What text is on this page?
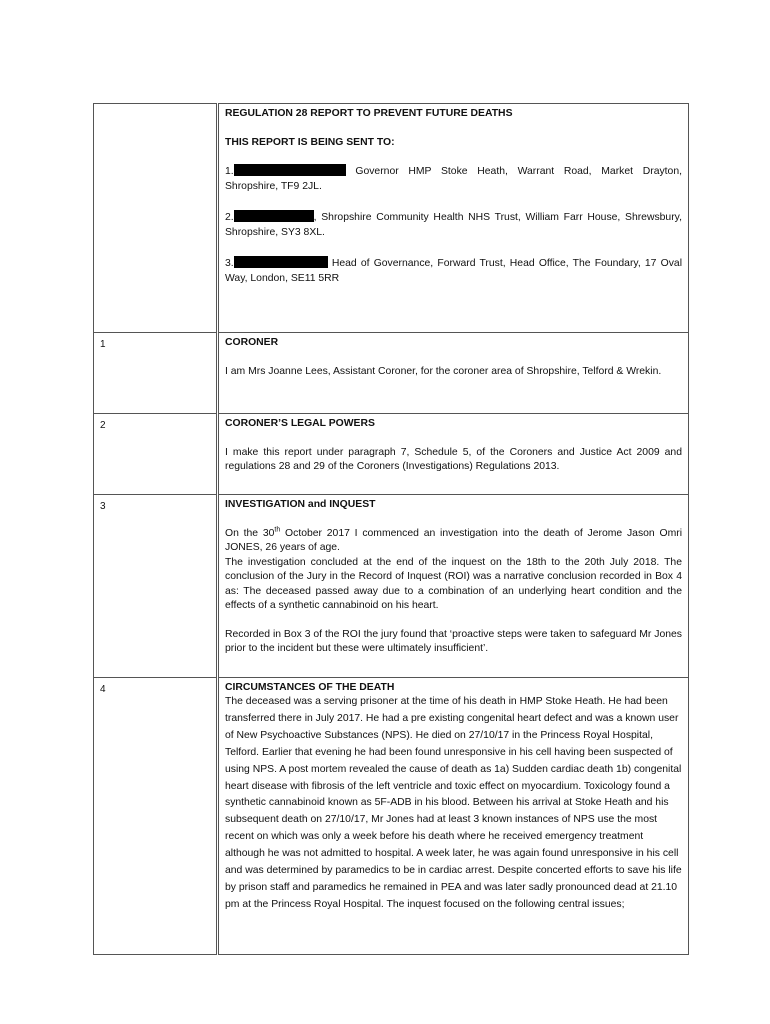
	REGULATION 28 REPORT TO PREVENT FUTURE DEATHS

THIS REPORT IS BEING SENT TO:

1. Governor HMP Stoke Heath, Warrant Road, Market Drayton, Shropshire, TF9 2JL.

2. , Shropshire Community Health NHS Trust, William Farr House, Shrewsbury, Shropshire, SY3 8XL.

3. Head of Governance, Forward Trust, Head Office, The Foundary, 17 Oval Way, London, SE11 5RR

1	CORONER

I am Mrs Joanne Lees, Assistant Coroner, for the coroner area of Shropshire, Telford & Wrekin.

2	CORONER’S LEGAL POWERS

I make this report under paragraph 7, Schedule 5, of the Coroners and Justice Act 2009 and regulations 28 and 29 of the Coroners (Investigations) Regulations 2013.

3	INVESTIGATION and INQUEST

On the 30th October 2017 I commenced an investigation into the death of Jerome Jason Omri JONES, 26 years of age.

The investigation concluded at the end of the inquest on the 18th to the 20th July 2018. The conclusion of the Jury in the Record of Inquest (ROI) was a narrative conclusion recorded in Box 4 as: The deceased passed away due to a combination of an underlying heart condition and the effects of a synthetic cannabinoid on his heart.

Recorded in Box 3 of the ROI the jury found that ‘proactive steps were taken to safeguard Mr Jones prior to the incident but these were ultimately insufficient’.

4	CIRCUMSTANCES OF THE DEATH

The deceased was a serving prisoner at the time of his death in HMP Stoke Heath. He had been transferred there in July 2017. He had a pre existing congenital heart defect and was a known user of New Psychoactive Substances (NPS). He died on 27/10/17 in the Princess Royal Hospital, Telford. Earlier that evening he had been found unresponsive in his cell having been suspected of using NPS. A post mortem revealed the cause of death as 1a) Sudden cardiac death 1b) congenital heart disease with fibrosis of the left ventricle and toxic effect on myocardium. Toxicology found a synthetic cannabinoid known as 5F-ADB in his blood. Between his arrival at Stoke Heath and his subsequent death on 27/10/17, Mr Jones had at least 3 known instances of NPS use the most recent on which was only a week before his death where he received emergency treatment although he was not admitted to hospital. A week later, he was again found unresponsive in his cell and was determined by paramedics to be in cardiac arrest. Despite concerted efforts to save his life by prison staff and paramedics he remained in PEA and was later sadly pronounced dead at 21.10 pm at the Princess Royal Hospital. The inquest focused on the following central issues;
